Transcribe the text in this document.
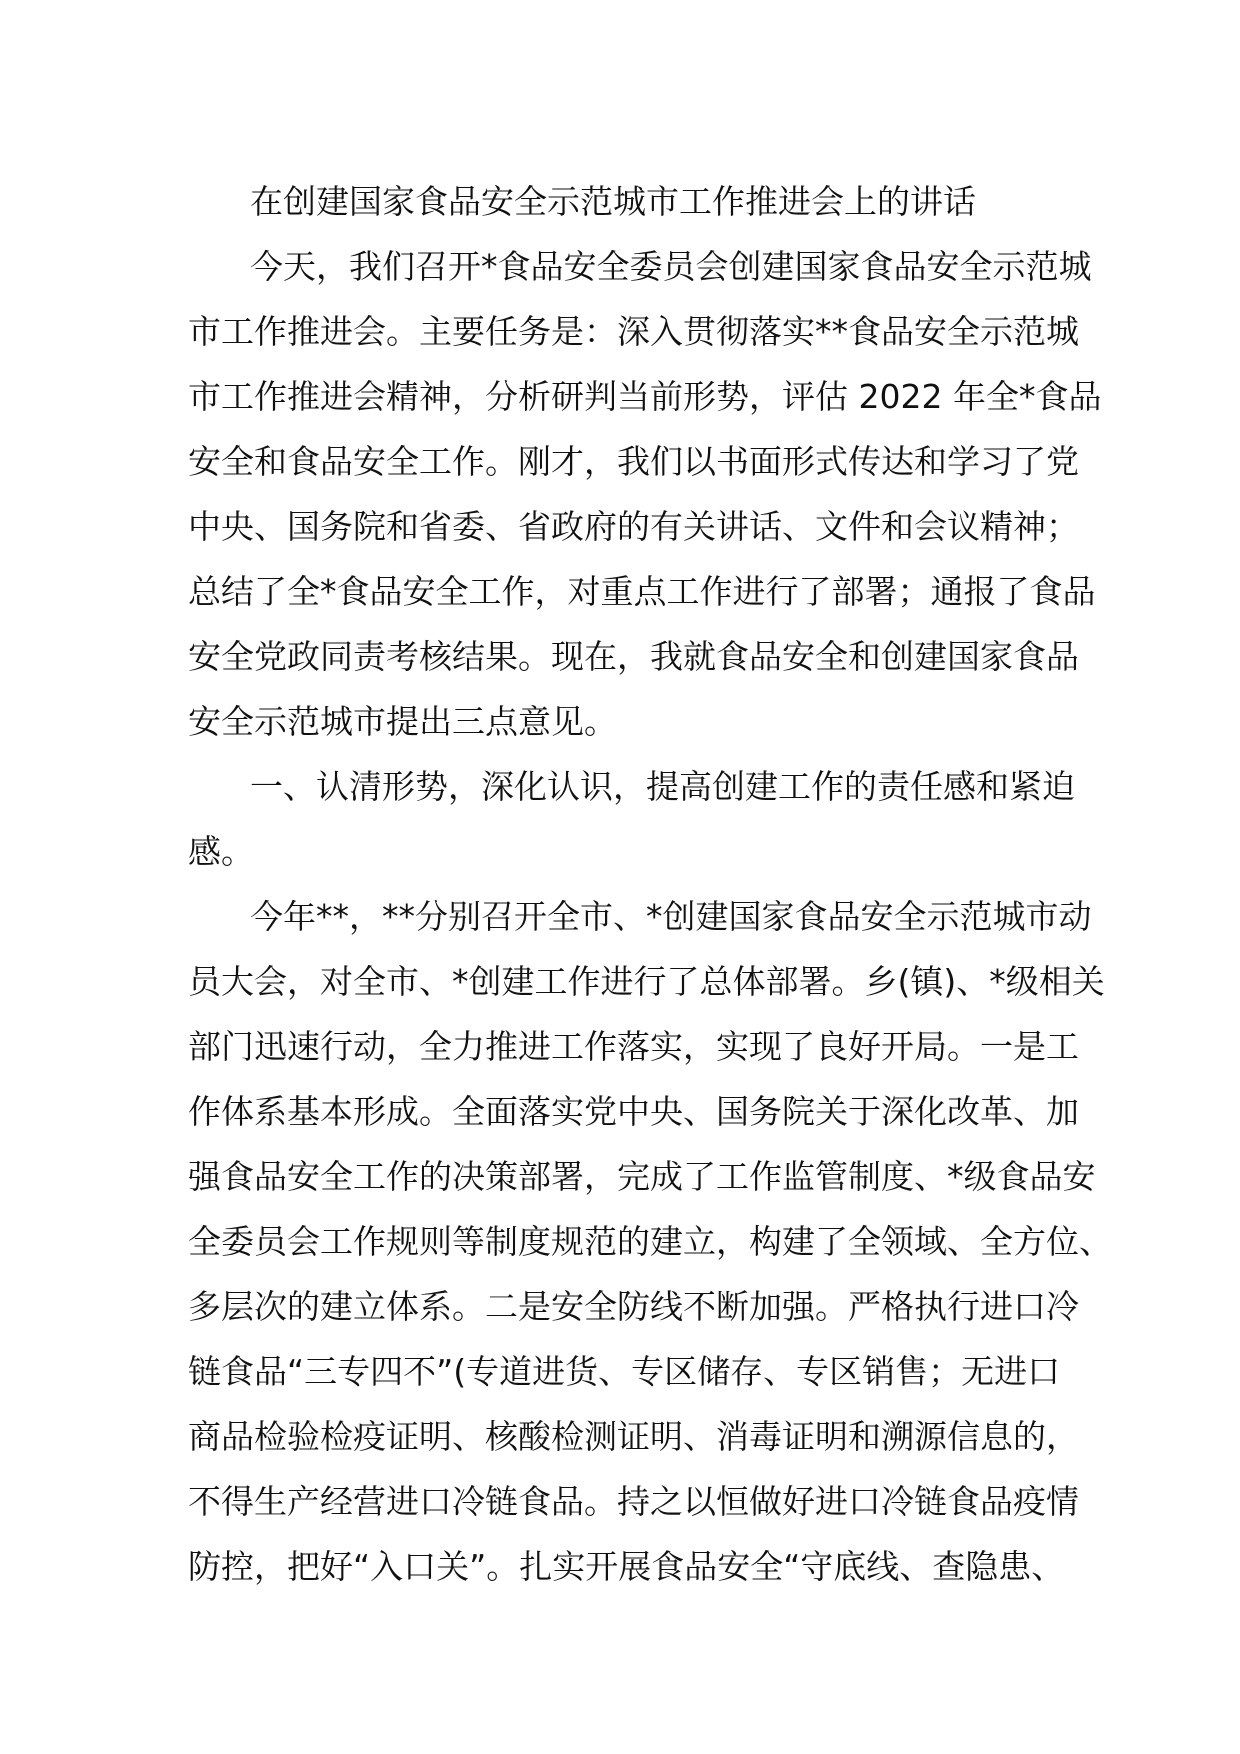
在创建国家食品安全示范城市工作推进会上的讲话
今天，我们召开*食品安全委员会创建国家食品安全示范城
市工作推进会。主要任务是：深入贯彻落实**食品安全示范城
市工作推进会精神，分析研判当前形势，评估 2022 年全*食品
安全和食品安全工作。刚才，我们以书面形式传达和学习了党
中央、国务院和省委、省政府的有关讲话、文件和会议精神；
总结了全*食品安全工作，对重点工作进行了部署；通报了食品
安全党政同责考核结果。现在，我就食品安全和创建国家食品
安全示范城市提出三点意见。
一、认清形势，深化认识，提高创建工作的责任感和紧迫
感。
今年**，**分别召开全市、*创建国家食品安全示范城市动
员大会，对全市、*创建工作进行了总体部署。乡(镇)、*级相关
部门迅速行动，全力推进工作落实，实现了良好开局。一是工
作体系基本形成。全面落实党中央、国务院关于深化改革、加
强食品安全工作的决策部署，完成了工作监管制度、*级食品安
全委员会工作规则等制度规范的建立，构建了全领域、全方位、
多层次的建立体系。二是安全防线不断加强。严格执行进口冷
链食品“三专四不”(专道进货、专区储存、专区销售；无进口
商品检验检疫证明、核酸检测证明、消毒证明和溯源信息的，
不得生产经营进口冷链食品。持之以恒做好进口冷链食品疫情
防控，把好“入口关”。扎实开展食品安全“守底线、查隐患、
